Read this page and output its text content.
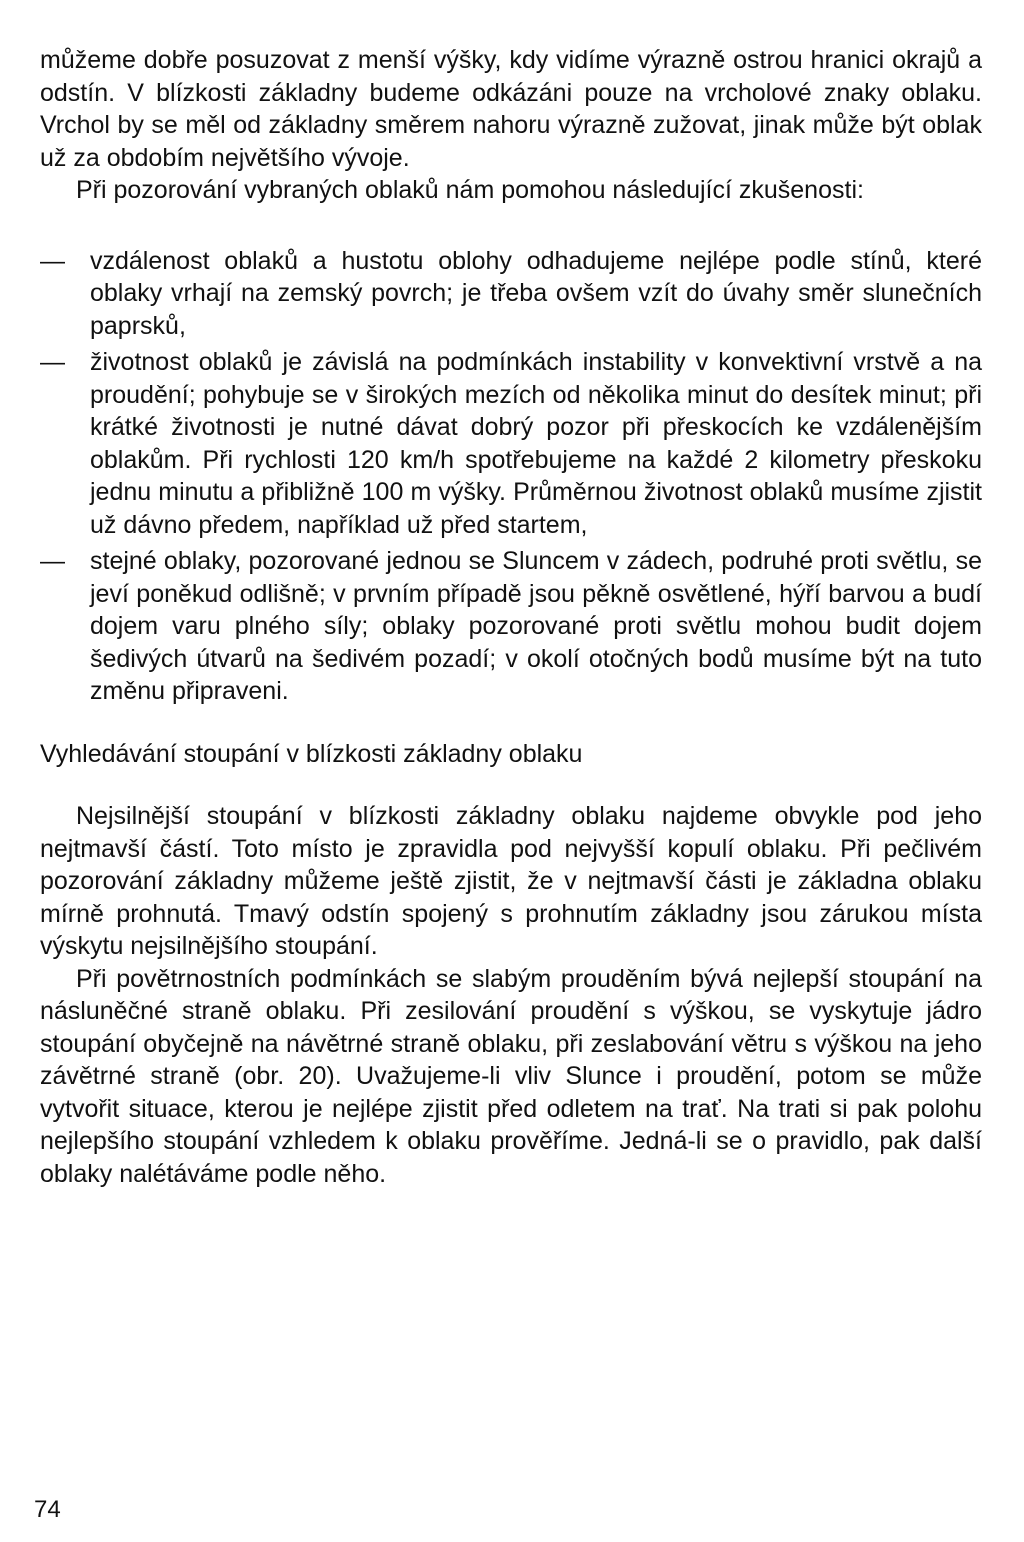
můžeme dobře posuzovat z menší výšky, kdy vidíme výrazně ostrou hranici okrajů a odstín. V blízkosti základny budeme odkázáni pouze na vrcholové znaky oblaku. Vrchol by se měl od základny směrem nahoru výrazně zužovat, jinak může být oblak už za obdobím největšího vývoje.

Při pozorování vybraných oblaků nám pomohou následující zkušenosti:

— vzdálenost oblaků a hustotu oblohy odhadujeme nejlépe podle stínů, které oblaky vrhají na zemský povrch; je třeba ovšem vzít do úvahy směr slunečních paprsků,
— životnost oblaků je závislá na podmínkách instability v konvektivní vrstvě a na proudění; pohybuje se v širokých mezích od několika minut do desítek minut; při krátké životnosti je nutné dávat dobrý pozor při přeskocích ke vzdálenějším oblakům. Při rychlosti 120 km/h spotřebujeme na každé 2 kilometry přeskoku jednu minutu a přibližně 100 m výšky. Průměrnou životnost oblaků musíme zjistit už dávno předem, například už před startem,
— stejné oblaky, pozorované jednou se Sluncem v zádech, podruhé proti světlu, se jeví poněkud odlišně; v prvním případě jsou pěkně osvětlené, hýří barvou a budí dojem varu plného síly; oblaky pozorované proti světlu mohou budit dojem šedivých útvarů na šedivém pozadí; v okolí otočných bodů musíme být na tuto změnu připraveni.
Vyhledávání stoupání v blízkosti základny oblaku

Nejsilnější stoupání v blízkosti základny oblaku najdeme obvykle pod jeho nejtmavší částí. Toto místo je zpravidla pod nejvyšší kopulí oblaku. Při pečlivém pozorování základny můžeme ještě zjistit, že v nejtmavší části je základna oblaku mírně prohnutá. Tmavý odstín spojený s prohnutím základny jsou zárukou místa výskytu nejsilnějšího stoupání.

Při povětrnostních podmínkách se slabým prouděním bývá nejlepší stoupání na násluněčné straně oblaku. Při zesilování proudění s výškou, se vyskytuje jádro stoupání obyčejně na návětrné straně oblaku, při zeslabování větru s výškou na jeho závětrné straně (obr. 20). Uvažujeme-li vliv Slunce i proudění, potom se může vytvořit situace, kterou je nejlépe zjistit před odletem na trať. Na trati si pak polohu nejlepšího stoupání vzhledem k oblaku prověříme. Jedná-li se o pravidlo, pak další oblaky nalétáváme podle něho.

74
